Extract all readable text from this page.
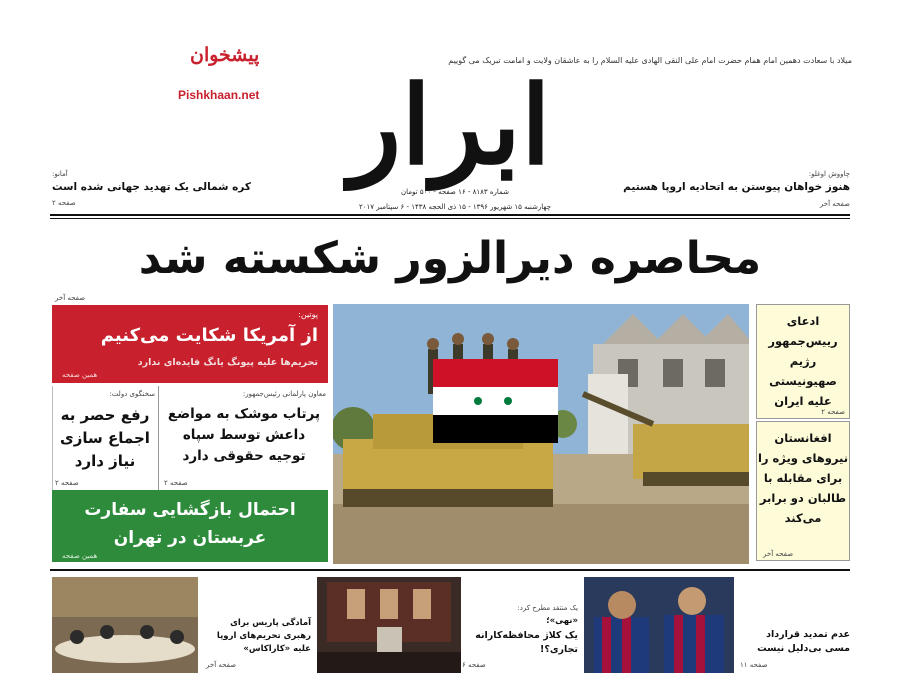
میلاد با سعادت دهمین امام همام حضرت امام علی النقی الهادی علیه السلام را به عاشقان ولایت و امامت تبریک می گوییم
پیشخوان
Pishkhaan.net ابرار
شماره ۸۱۸۳ - ۱۶ صفحه - ۵۰۰ تومان
چهارشنبه ۱۵ شهریور ۱۳۹۶ - ۱۵ ذی الحجه ۱۴۳۸ - ۶ سپتامبر ۲۰۱۷
چاووش اوغلو:
هنوز خواهان پیوستن به اتحادیه اروپا هستیم
صفحه آخر
آمانو:
کره شمالی یک تهدید جهانی شده است
صفحه ۲
محاصره دیرالزور شکسته شد
صفحه آخر
پوتین:
از آمریکا شکایت می‌کنیم
تحریم‌ها علیه پیونگ یانگ فایده‌ای ندارد
همین صفحه
معاون پارلمانی رئیس‌جمهور:
پرتاب موشک به مواضع داعش توسط سپاه توجیه حقوقی دارد
صفحه ۲
سخنگوی دولت:
رفع حصر به اجماع سازی نیاز دارد
صفحه ۲
احتمال بازگشایی سفارت عربستان در تهران
همین صفحه
ادعای رییس‌جمهور رژیم صهیونیستی علیه ایران
صفحه ۲
افغانستان نیروهای ویژه را برای مقابله با طالبان دو برابر می‌کند
صفحه آخر
آمادگی پاریس برای رهبری تحریم‌های اروپا علیه «کاراکاس»
صفحه آخر
یک منتقد مطرح کرد:
«نهی»؛
یک کلاژ محافظه‌کارانه تجاری؟!
صفحه ۶
عدم تمدید قرارداد مسی بی‌دلیل نیست
صفحه ۱۱
